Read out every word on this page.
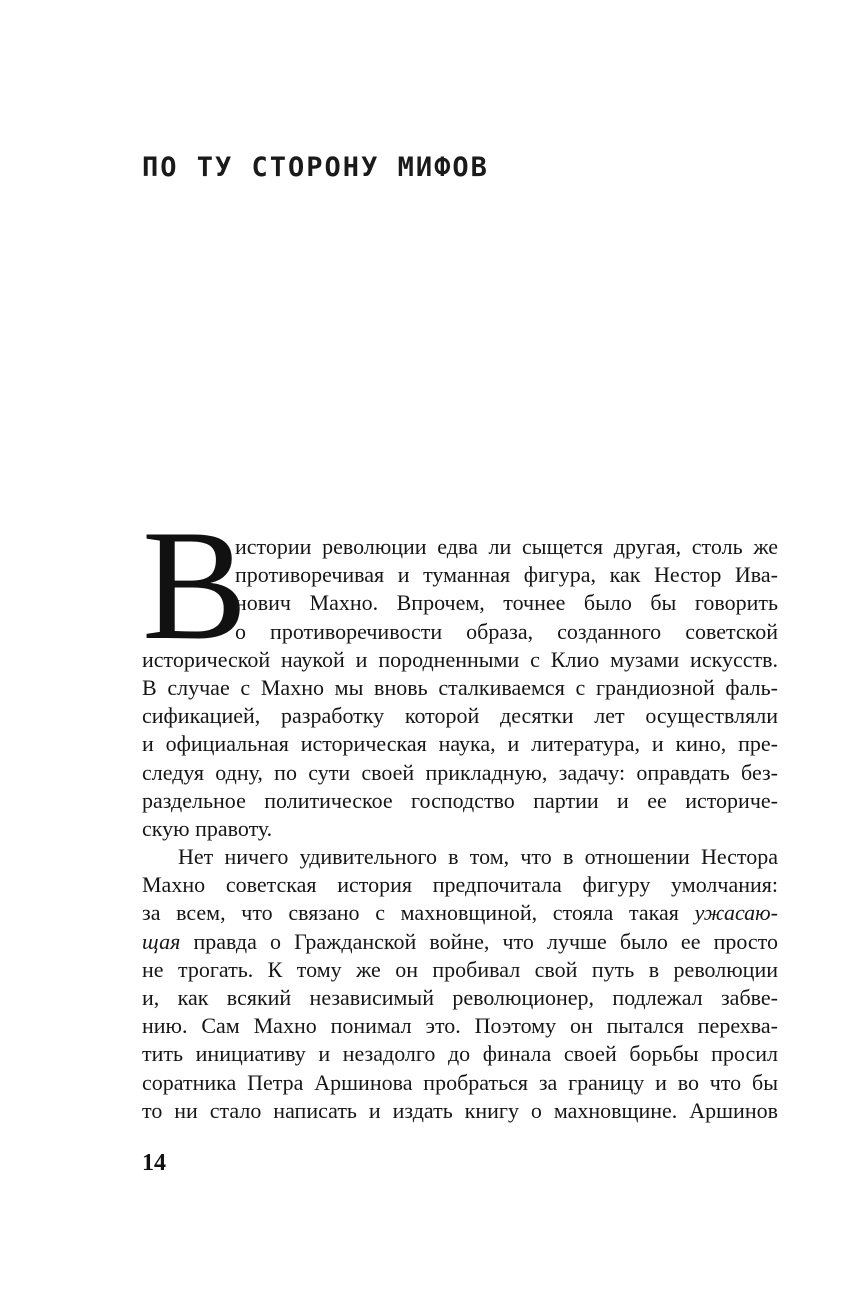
ПО ТУ СТОРОНУ МИФОВ
В
истории революции едва ли сыщется другая, столь же
противоречивая и туманная фигура, как Нестор Ива-
нович Махно. Впрочем, точнее было бы говорить
о противоречивости образа, созданного советской
исторической наукой и породненными с Клио музами искусств.
В случае с Махно мы вновь сталкиваемся с грандиозной фаль-
сификацией, разработку которой десятки лет осуществляли
и официальная историческая наука, и литература, и кино, пре-
следуя одну, по сути своей прикладную, задачу: оправдать без-
раздельное политическое господство партии и ее историче-
скую правоту.
Нет ничего удивительного в том, что в отношении Нестора
Махно советская история предпочитала фигуру умолчания:
за всем, что связано с махновщиной, стояла такая ужасаю-
щая правда о Гражданской войне, что лучше было ее просто
не трогать. К тому же он пробивал свой путь в революции
и, как всякий независимый революционер, подлежал забве-
нию. Сам Махно понимал это. Поэтому он пытался перехва-
тить инициативу и незадолго до финала своей борьбы просил
соратника Петра Аршинова пробраться за границу и во что бы
то ни стало написать и издать книгу о махновщине. Аршинов
14
